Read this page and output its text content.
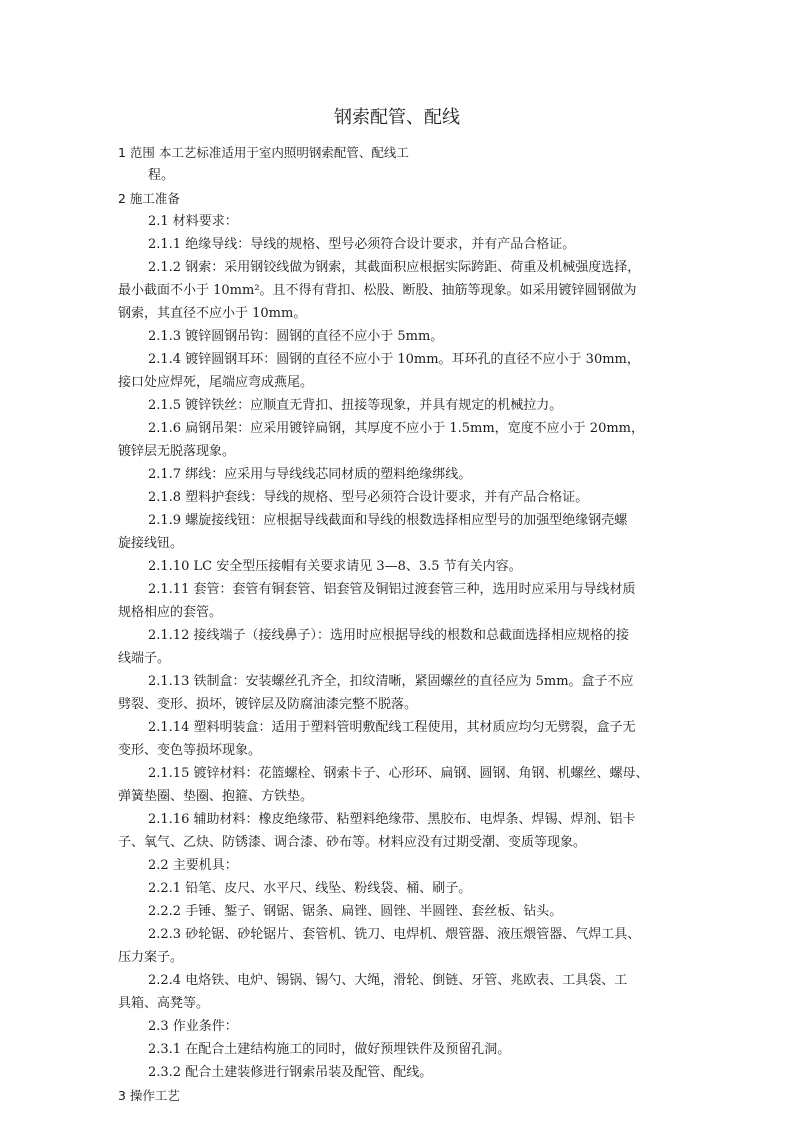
钢索配管、配线
1 范围 本工艺标准适用于室内照明钢索配管、配线工
程。
2 施工准备
2.1 材料要求：
2.1.1 绝缘导线：导线的规格、型号必须符合设计要求，并有产品合格证。
2.1.2 钢索：采用钢铰线做为钢索，其截面积应根据实际跨距、荷重及机械强度选择，
最小截面不小于 10mm²。且不得有背扣、松股、断股、抽筋等现象。如采用镀锌圆钢做为
钢索，其直径不应小于 10mm。
2.1.3 镀锌圆钢吊钩：圆钢的直径不应小于 5mm。
2.1.4 镀锌圆钢耳环：圆钢的直径不应小于 10mm。耳环孔的直径不应小于 30mm，
接口处应焊死，尾端应弯成燕尾。
2.1.5 镀锌铁丝：应顺直无背扣、扭接等现象，并具有规定的机械拉力。
2.1.6 扁钢吊架：应采用镀锌扁钢，其厚度不应小于 1.5mm，宽度不应小于 20mm，
镀锌层无脱落现象。
2.1.7 绑线：应采用与导线线芯同材质的塑料绝缘绑线。
2.1.8 塑料护套线：导线的规格、型号必须符合设计要求，并有产品合格证。
2.1.9 螺旋接线钮：应根据导线截面和导线的根数选择相应型号的加强型绝缘钢壳螺
旋接线钮。
2.1.10 LC 安全型压接帽有关要求请见 3—8、3.5 节有关内容。
2.1.11 套管：套管有铜套管、铝套管及铜铝过渡套管三种，选用时应采用与导线材质
规格相应的套管。
2.1.12 接线端子（接线鼻子）：选用时应根据导线的根数和总截面选择相应规格的接
线端子。
2.1.13 铁制盒：安装螺丝孔齐全，扣纹清晰，紧固螺丝的直径应为 5mm。盒子不应
劈裂、变形、损坏，镀锌层及防腐油漆完整不脱落。
2.1.14 塑料明装盒：适用于塑料管明敷配线工程使用，其材质应均匀无劈裂，盒子无
变形、变色等损坏现象。
2.1.15 镀锌材料：花篮螺栓、钢索卡子、心形环、扁钢、圆钢、角钢、机螺丝、螺母、
弹簧垫圈、垫圈、抱箍、方铁垫。
2.1.16 辅助材料：橡皮绝缘带、粘塑料绝缘带、黑胶布、电焊条、焊锡、焊剂、铝卡
子、氧气、乙炔、防锈漆、调合漆、砂布等。材料应没有过期受潮、变质等现象。
2.2 主要机具：
2.2.1 铅笔、皮尺、水平尺、线坠、粉线袋、桶、刷子。
2.2.2 手锤、錾子、钢锯、锯条、扁锉、圆锉、半圆锉、套丝板、钻头。
2.2.3 砂轮锯、砂轮锯片、套管机、铣刀、电焊机、煨管器、液压煨管器、气焊工具、
压力案子。
2.2.4 电烙铁、电炉、锡锅、锡勺、大绳，滑轮、倒链、牙管、兆欧表、工具袋、工
具箱、高凳等。
2.3 作业条件：
2.3.1 在配合土建结构施工的同时，做好预埋铁件及预留孔洞。
2.3.2 配合土建装修进行钢索吊装及配管、配线。
3 操作工艺
